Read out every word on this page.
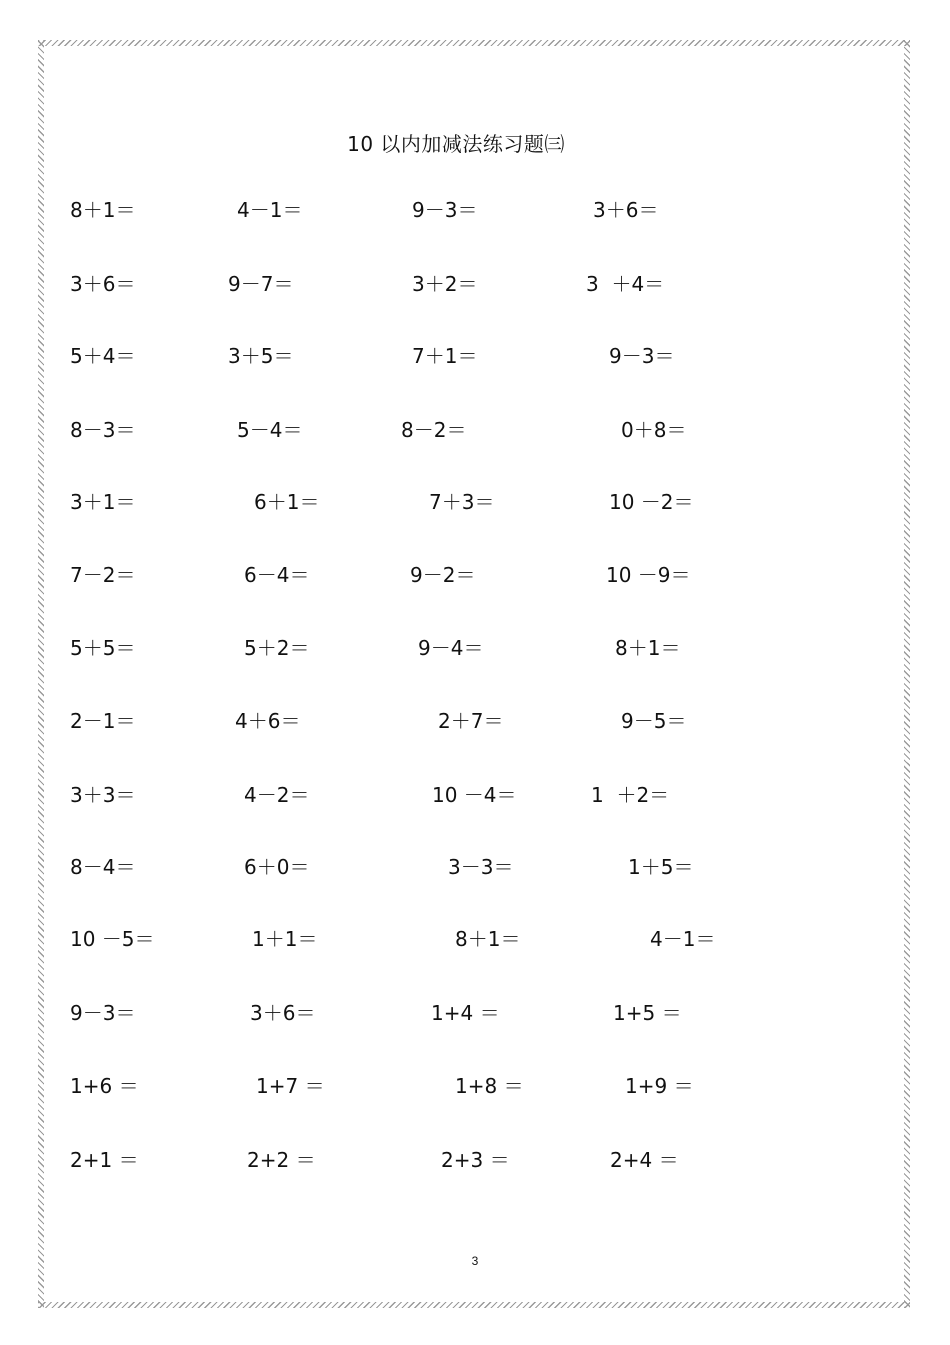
10 以内加减法练习题㈢
8＋1＝	4－1＝	9－3＝	3＋6＝
3＋6＝	9－7＝	3＋2＝	3  ＋4＝
5＋4＝	3＋5＝	7＋1＝	9－3＝
8－3＝	5－4＝	8－2＝	0＋8＝
3＋1＝	6＋1＝	7＋3＝	10 －2＝
7－2＝	6－4＝	9－2＝	10 －9＝
5＋5＝	5＋2＝	9－4＝	8＋1＝
2－1＝	4＋6＝	2＋7＝	9－5＝
3＋3＝	4－2＝	10 －4＝	1  ＋2＝
8－4＝	6＋0＝	3－3＝	1＋5＝
10 －5＝	1＋1＝	8＋1＝	4－1＝
9－3＝	3＋6＝	1+4 ＝	1+5 ＝
1+6 ＝	1+7 ＝	1+8 ＝	1+9 ＝
2+1 ＝	2+2 ＝	2+3 ＝	2+4 ＝
3
